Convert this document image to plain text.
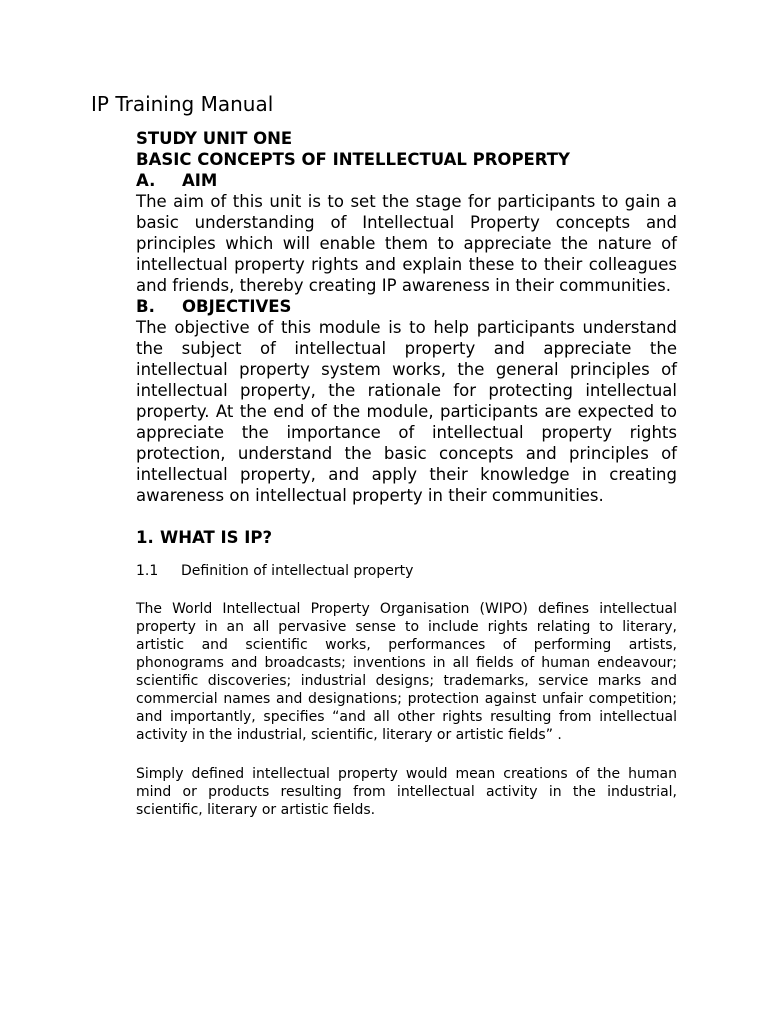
IP Training Manual

STUDY UNIT ONE

BASIC CONCEPTS OF INTELLECTUAL PROPERTY

A.	AIM

The aim of this unit is to set the stage for participants to gain a basic understanding of Intellectual Property concepts and principles which will enable them to appreciate the nature of intellectual property rights and explain these to their colleagues and friends, thereby creating IP awareness in their communities.

B.	OBJECTIVES

The objective of this module is to help participants understand the subject of intellectual property and appreciate the intellectual property system works, the general principles of intellectual property, the rationale for protecting intellectual property. At the end of the module, participants are expected to appreciate the importance of intellectual property rights protection, understand the basic concepts and principles of intellectual property, and apply their knowledge in creating awareness on intellectual property in their communities.

1. WHAT IS IP?

1.1	Definition of intellectual property

The World Intellectual Property Organisation (WIPO) defines intellectual property in an all pervasive sense to include rights relating to literary, artistic and scientific works, performances of performing artists, phonograms and broadcasts; inventions in all fields of human endeavour; scientific discoveries; industrial designs; trademarks, service marks and commercial names and designations; protection against unfair competition; and importantly, specifies “and all other rights resulting from intellectual activity in the industrial, scientific, literary or artistic fields” .

Simply defined intellectual property would mean creations of the human mind or products resulting from intellectual activity in the industrial, scientific, literary or artistic fields.
